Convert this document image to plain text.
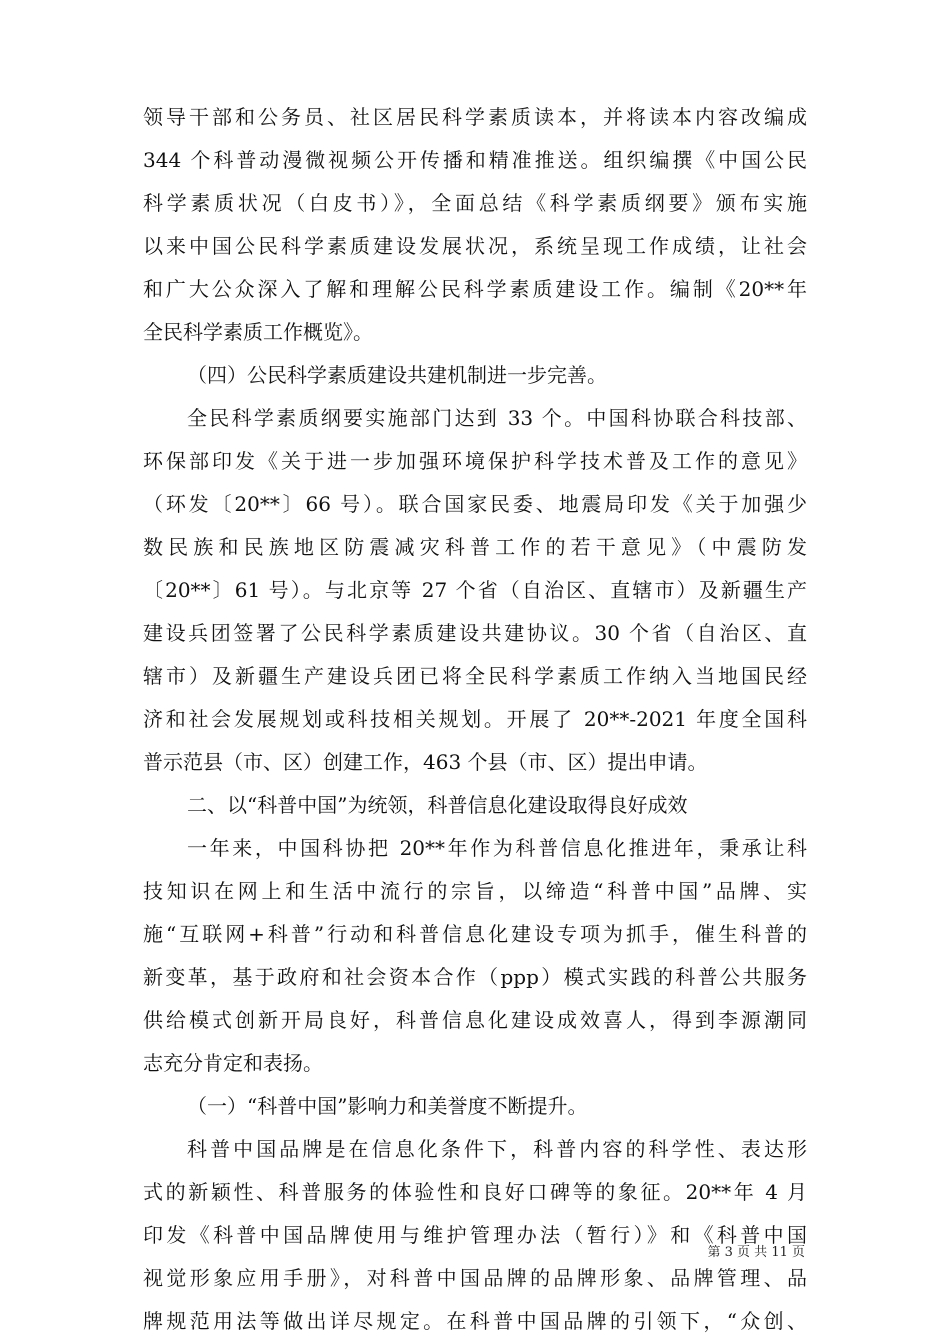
领导干部和公务员、社区居民科学素质读本，并将读本内容改编成
344 个科普动漫微视频公开传播和精准推送。组织编撰《中国公民
科学素质状况（白皮书）》，全面总结《科学素质纲要》颁布实施
以来中国公民科学素质建设发展状况，系统呈现工作成绩，让社会
和广大公众深入了解和理解公民科学素质建设工作。编制《20**年
全民科学素质工作概览》。
（四）公民科学素质建设共建机制进一步完善。
全民科学素质纲要实施部门达到 33 个。中国科协联合科技部、
环保部印发《关于进一步加强环境保护科学技术普及工作的意见》
（环发〔20**〕66 号）。联合国家民委、地震局印发《关于加强少
数民族和民族地区防震减灾科普工作的若干意见》（中震防发
〔20**〕61 号）。与北京等 27 个省（自治区、直辖市）及新疆生产
建设兵团签署了公民科学素质建设共建协议。30 个省（自治区、直
辖市）及新疆生产建设兵团已将全民科学素质工作纳入当地国民经
济和社会发展规划或科技相关规划。开展了 20**-2021 年度全国科
普示范县（市、区）创建工作，463 个县（市、区）提出申请。
二、以“科普中国”为统领，科普信息化建设取得良好成效
一年来，中国科协把 20**年作为科普信息化推进年，秉承让科
技知识在网上和生活中流行的宗旨，以缔造“科普中国”品牌、实
施“互联网+科普”行动和科普信息化建设专项为抓手，催生科普的
新变革，基于政府和社会资本合作（ppp）模式实践的科普公共服务
供给模式创新开局良好，科普信息化建设成效喜人，得到李源潮同
志充分肯定和表扬。
（一）“科普中国”影响力和美誉度不断提升。
科普中国品牌是在信息化条件下，科普内容的科学性、表达形
式的新颖性、科普服务的体验性和良好口碑等的象征。20**年 4 月
印发《科普中国品牌使用与维护管理办法（暂行）》和《科普中国
视觉形象应用手册》，对科普中国品牌的品牌形象、品牌管理、品
牌规范用法等做出详尽规定。在科普中国品牌的引领下，“众创、
第 3 页 共 11 页
